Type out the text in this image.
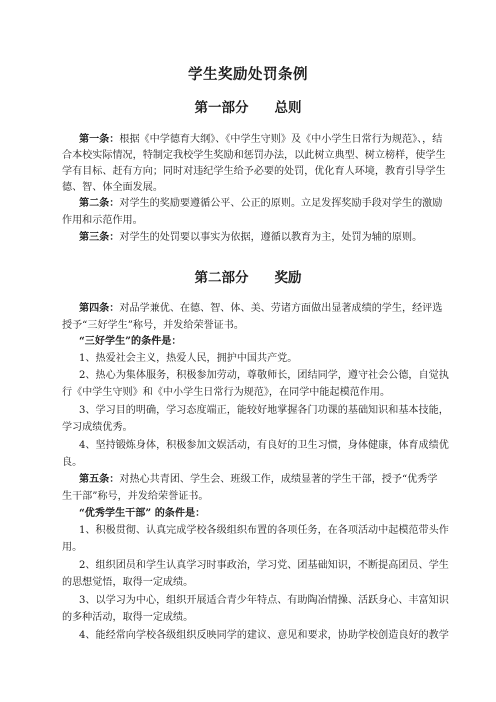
学生奖励处罚条例
第一部分 总则
第一条：根据《中学德育大纲》、《中学生守则》及《中小学生日常行为规范》、，结
合本校实际情况，特制定我校学生奖励和惩罚办法，以此树立典型、树立榜样，使学生
学有目标、赶有方向；同时对违纪学生给予必要的处罚，优化育人环境，教育引导学生
德、智、体全面发展。
第二条：对学生的奖励要遵循公平、公正的原则。立足发挥奖励手段对学生的激励
作用和示范作用。
第三条：对学生的处罚要以事实为依据，遵循以教育为主，处罚为辅的原则。
第二部分 奖励
第四条：对品学兼优、在德、智、体、美、劳诸方面做出显著成绩的学生，经评选
授予“三好学生”称号，并发给荣誉证书。
“三好学生”的条件是：
1、热爱社会主义，热爱人民，拥护中国共产党。
2、热心为集体服务，积极参加劳动，尊敬师长，团结同学，遵守社会公德，自觉执
行《中学生守则》和《中小学生日常行为规范》，在同学中能起模范作用。
3、学习目的明确，学习态度端正，能较好地掌握各门功课的基础知识和基本技能，
学习成绩优秀。
4、坚持锻炼身体，积极参加文娱活动，有良好的卫生习惯，身体健康，体育成绩优
良。
第五条：对热心共青团、学生会、班级工作，成绩显著的学生干部，授予“优秀学
生干部”称号，并发给荣誉证书。
“优秀学生干部” 的条件是：
1、积极贯彻、认真完成学校各级组织布置的各项任务，在各项活动中起模范带头作
用。
2、组织团员和学生认真学习时事政治，学习党、团基础知识，不断提高团员、学生
的思想觉悟，取得一定成绩。
3、以学习为中心，组织开展适合青少年特点、有助陶冶情操、活跃身心、丰富知识
的多种活动，取得一定成绩。
4、能经常向学校各级组织反映同学的建议、意见和要求，协助学校创造良好的教学
